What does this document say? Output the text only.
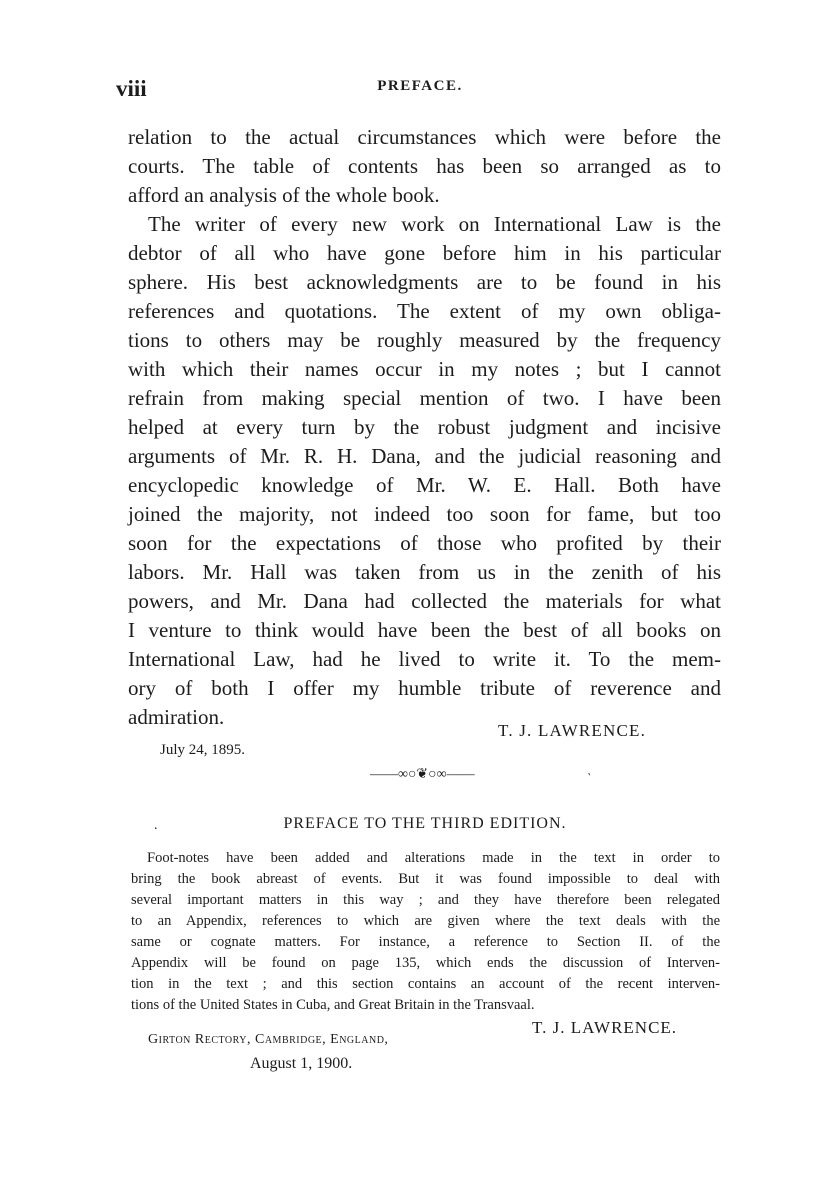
viii	PREFACE.
relation to the actual circumstances which were before the
courts. The table of contents has been so arranged as to
afford an analysis of the whole book.
The writer of every new work on International Law is the
debtor of all who have gone before him in his particular
sphere. His best acknowledgments are to be found in his
references and quotations. The extent of my own obliga-
tions to others may be roughly measured by the frequency
with which their names occur in my notes ; but I cannot
refrain from making special mention of two. I have been
helped at every turn by the robust judgment and incisive
arguments of Mr. R. H. Dana, and the judicial reasoning and
encyclopedic knowledge of Mr. W. E. Hall. Both have
joined the majority, not indeed too soon for fame, but too
soon for the expectations of those who profited by their
labors. Mr. Hall was taken from us in the zenith of his
powers, and Mr. Dana had collected the materials for what
I venture to think would have been the best of all books on
International Law, had he lived to write it. To the mem-
ory of both I offer my humble tribute of reverence and
admiration.
T. J. LAWRENCE.
July 24, 1895.
——∞○❦○∞——	˺
.	PREFACE TO THE THIRD EDITION.
Foot-notes have been added and alterations made in the text in order to
bring the book abreast of events. But it was found impossible to deal with
several important matters in this way ; and they have therefore been relegated
to an Appendix, references to which are given where the text deals with the
same or cognate matters. For instance, a reference to Section II. of the
Appendix will be found on page 135, which ends the discussion of Interven-
tion in the text ; and this section contains an account of the recent interven-
tions of the United States in Cuba, and Great Britain in the Transvaal.
Girton Rectory, Cambridge, England,
T. J. LAWRENCE.
August 1, 1900.
